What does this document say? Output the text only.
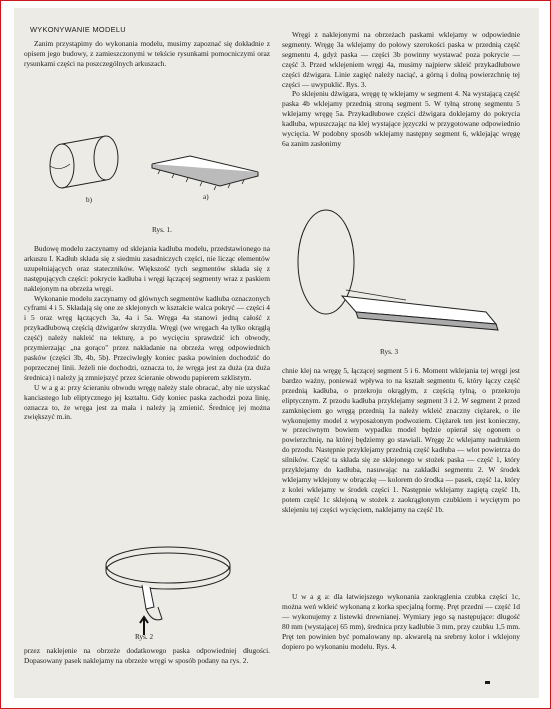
WYKONYWANIE MODELU

Zanim przystąpimy do wykonania modelu, musimy zapoznać się dokładnie z opisem jego budowy, z zamieszczonymi w tekście rysunkami pomocniczymi oraz rysunkami części na poszczególnych arkuszach.

b)	a)
Rys. 1.

Budowę modelu zaczynamy od sklejania kadłuba modelu, przedstawionego na arkuszu I. Kadłub składa się z siedmiu zasadniczych części, nie licząc elementów uzupełniających oraz stateczników. Większość tych segmentów składa się z następujących części: pokrycie kadłuba i wręgi łączącej segmenty wraz z paskiem naklejonym na obrzeża wręgi.

Wykonanie modelu zaczynamy od głównych segmentów kadłuba oznaczonych cyframi 4 i 5. Składają się one ze sklejonych w kształcie walca pokryć — części 4 i 5 oraz wręg łączących 3a, 4a i 5a. Wręga 4a stanowi jedną całość z przykadłubową częścią dźwigarów skrzydła. Wręgi (we wręgach 4a tylko okrągłą część) należy nakleić na tekturę, a po wycięciu sprawdzić ich obwody, przymierzając „na gorąco" przez nakładanie na obrzeża wręg odpowiednich pasków (części 3b, 4b, 5b). Przeciwległy koniec paska powinien dochodzić do poprzecznej linii. Jeżeli nie dochodzi, oznacza to, że wręga jest za duża (za duża średnica) i należy ją zmniejszyć przez ścieranie obwodu papierem szklistym.

U w a g a: przy ścieraniu obwodu wręgę należy stale obracać, aby nie uzyskać kanciastego lub eliptycznego jej kształtu. Gdy koniec paska zachodzi poza linię, oznacza to, że wręga jest za mała i należy ją zmienić. Średnicę jej można zwiększyć m.in.

Rys. 2

przez naklejenie na obrzeże dodatkowego paska odpowiedniej długości. Dopasowany pasek naklejamy na obrzeże wręgi w sposób podany na rys. 2.

Wręgi z naklejonymi na obrzeżach paskami wklejamy w odpowiednie segmenty. Wręgę 3a wklejamy do połowy szerokości paska w przednią część segmentu 4, gdyż paska — części 3b powinny wystawać poza pokrycie — część 3. Przed wklejeniem wręgi 4a, musimy najpierw skleić przykadłubowe części dźwigara. Linie zagięć należy naciąć, a górną i dolną powierzchnię tej części — uwypuklić. Rys. 3.

Po sklejeniu dźwigara, wręgę tę wklejamy w segment 4. Na wystającą część paska 4b wklejamy przednią stroną segment 5. W tyłną stronę segmentu 5 wklejamy wręgę 5a. Przykadłubowe części dźwigara doklejamy do pokrycia kadłuba, wpuszczając na klej wystające języczki w przygotowane odpowiednio wycięcia. W podobny sposób wklejamy następny segment 6, wklejając wręgę 6a zanim zasłonimy

Rys. 3

chnie klej na wręgę 5, łączącej segment 5 i 6. Moment wklejania tej wręgi jest bardzo ważny, ponieważ wpływa to na kształt segmentu 6, który łączy część przednią kadłuba, o przekroju okrągłym, z częścią tylną, o przekroju eliptycznym. Z przodu kadłuba przyklejamy segment 3 i 2. W segment 2 przed zamknięciem go wręgą przednią 1a należy wkleić znaczny ciężarek, o ile wykonujemy model z wyposażonym podwoziem. Ciężarek ten jest konieczny, w przeciwnym bowiem wypadku model będzie opierał się ogonem o powierzchnię, na której będziemy go stawiali. Wręgę 2c wklejamy nadrukiem do przodu. Następnie przyklejamy przednią część kadłuba — wlot powietrza do silników. Część ta składa się ze sklejonego w stożek paska — część 1, który przyklejamy do kadłuba, nasuwając na zakładki segmentu 2. W środek wklejamy wklejony w obrączkę — kolorem do środka — pasek, część 1a, który z kolei wklejamy w środek części 1. Następnie wklejamy zagiętą część 1b, potem część 1c sklejoną w stożek z zaokrąglonym czubkiem i wyciętym po sklejeniu tej części wycięciem, naklejamy na część 1b.

U w a g a: dla łatwiejszego wykonania zaokrąglenia czubka części 1c, można weń wkleić wykonaną z korka specjalną formę. Pręt przedni — część 1d — wykonujemy z listewki drewnianej. Wymiary jego są następujące: długość 80 mm (wystającej 65 mm), średnica przy kadłubie 3 mm, przy czubku 1,5 mm. Pręt ten powinien być pomalowany np. akwarelą na srebrny kolor i wklejony dopiero po wykonaniu modelu. Rys. 4.
